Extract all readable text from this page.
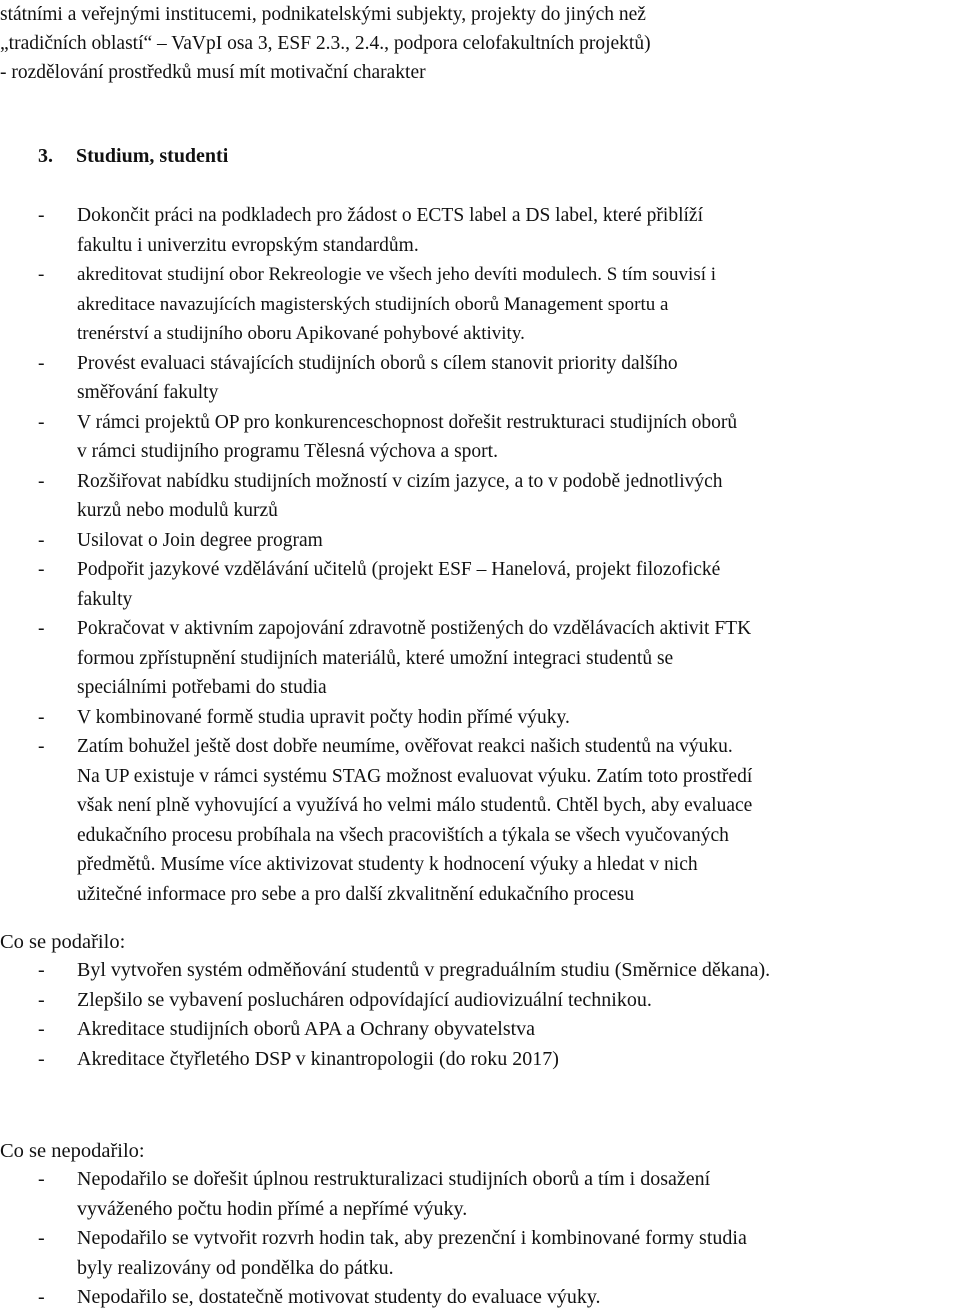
státními a veřejnými institucemi, podnikatelskými subjekty, projekty do jiných než
„tradičních oblastí“ – VaVpI osa 3, ESF 2.3., 2.4., podpora celofakultních projektů)
- rozdělování prostředků musí mít motivační charakter
3. Studium, studenti
- Dokončit práci na podkladech pro žádost o ECTS label a DS label, které přiblíží
fakultu i univerzitu evropským standardům.
- akreditovat studijní obor Rekreologie ve všech jeho devíti modulech. S tím souvisí i
akreditace navazujících magisterských studijních oborů Management sportu a
trenérství a studijního oboru Apikované pohybové aktivity.
- Provést evaluaci stávajících studijních oborů s cílem stanovit priority dalšího
směřování fakulty
- V rámci projektů OP pro konkurenceschopnost dořešit restrukturaci studijních oborů
v rámci studijního programu Tělesná výchova a sport.
- Rozšiřovat nabídku studijních možností v cizím jazyce, a to v podobě jednotlivých
kurzů nebo modulů kurzů
- Usilovat o Join degree program
- Podpořit jazykové vzdělávání učitelů (projekt ESF – Hanelová, projekt filozofické
fakulty
- Pokračovat v aktivním zapojování zdravotně postižených do vzdělávacích aktivit FTK
formou zpřístupnění studijních materiálů, které umožní integraci studentů se
speciálními potřebami do studia
- V kombinované formě studia upravit počty hodin přímé výuky.
- Zatím bohužel ještě dost dobře neumíme, ověřovat reakci našich studentů na výuku.
Na UP existuje v rámci systému STAG možnost evaluovat výuku. Zatím toto prostředí
však není plně vyhovující a využívá ho velmi málo studentů. Chtěl bych, aby evaluace
edukačního procesu probíhala na všech pracovištích a týkala se všech vyučovaných
předmětů. Musíme více aktivizovat studenty k hodnocení výuky a hledat v nich
užitečné informace pro sebe a pro další zkvalitnění edukačního procesu
Co se podařilo:
- Byl vytvořen systém odměňování studentů v pregraduálním studiu (Směrnice děkana).
- Zlepšilo se vybavení poslucháren odpovídající audiovizuální technikou.
- Akreditace studijních oborů APA a Ochrany obyvatelstva
- Akreditace čtyřletého DSP v kinantropologii (do roku 2017)
Co se nepodařilo:
- Nepodařilo se dořešit úplnou restrukturalizaci studijních oborů a tím i dosažení
vyváženého počtu hodin přímé a nepřímé výuky.
- Nepodařilo se vytvořit rozvrh hodin tak, aby prezenční i kombinované formy studia
byly realizovány od pondělka do pátku.
- Nepodařilo se, dostatečně motivovat studenty do evaluace výuky.
